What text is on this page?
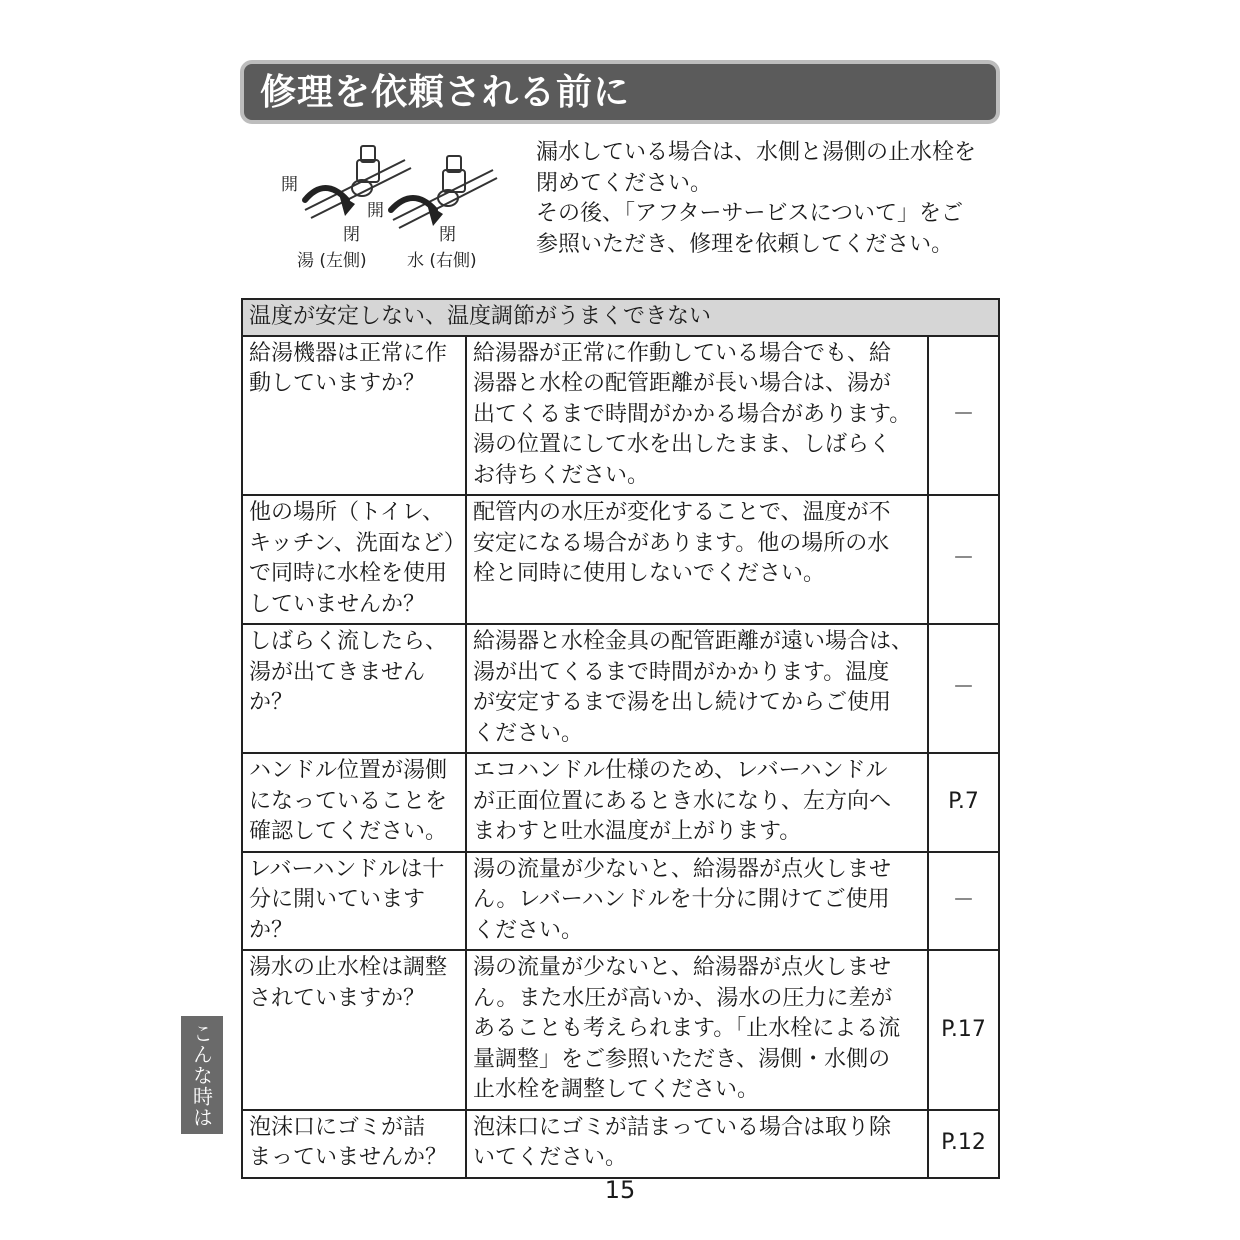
修理を依頼される前に
開
閉
開
閉
湯 (左側) 水 (右側)
漏水している場合は、水側と湯側の止水栓を
閉めてください。
その後、「アフターサービスについて」をご
参照いただき、修理を依頼してください。
温度が安定しない、温度調節がうまくできない		

給湯機器は正常に作
動していますか？	給湯器が正常に作動している場合でも、給
湯器と水栓の配管距離が長い場合は、湯が
出てくるまで時間がかかる場合があります。
湯の位置にして水を出したまま、しばらく
お待ちください。	－

他の場所（トイレ、
キッチン、洗面など）
で同時に水栓を使用
していませんか？	配管内の水圧が変化することで、温度が不
安定になる場合があります。他の場所の水
栓と同時に使用しないでください。	－

しばらく流したら、
湯が出てきません
か？	給湯器と水栓金具の配管距離が遠い場合は、
湯が出てくるまで時間がかかります。温度
が安定するまで湯を出し続けてからご使用
ください。	－

ハンドル位置が湯側
になっていることを
確認してください。	エコハンドル仕様のため、レバーハンドル
が正面位置にあるとき水になり、左方向へ
まわすと吐水温度が上がります。	P.7

レバーハンドルは十
分に開いています
か？	湯の流量が少ないと、給湯器が点火しませ
ん。レバーハンドルを十分に開けてご使用
ください。	－

湯水の止水栓は調整
されていますか？	湯の流量が少ないと、給湯器が点火しませ
ん。また水圧が高いか、湯水の圧力に差が
あることも考えられます。「止水栓による流
量調整」をご参照いただき、湯側・水側の
止水栓を調整してください。	P.17

泡沫口にゴミが詰
まっていませんか？	泡沫口にゴミが詰まっている場合は取り除
いてください。	P.12
こんな時は
15
